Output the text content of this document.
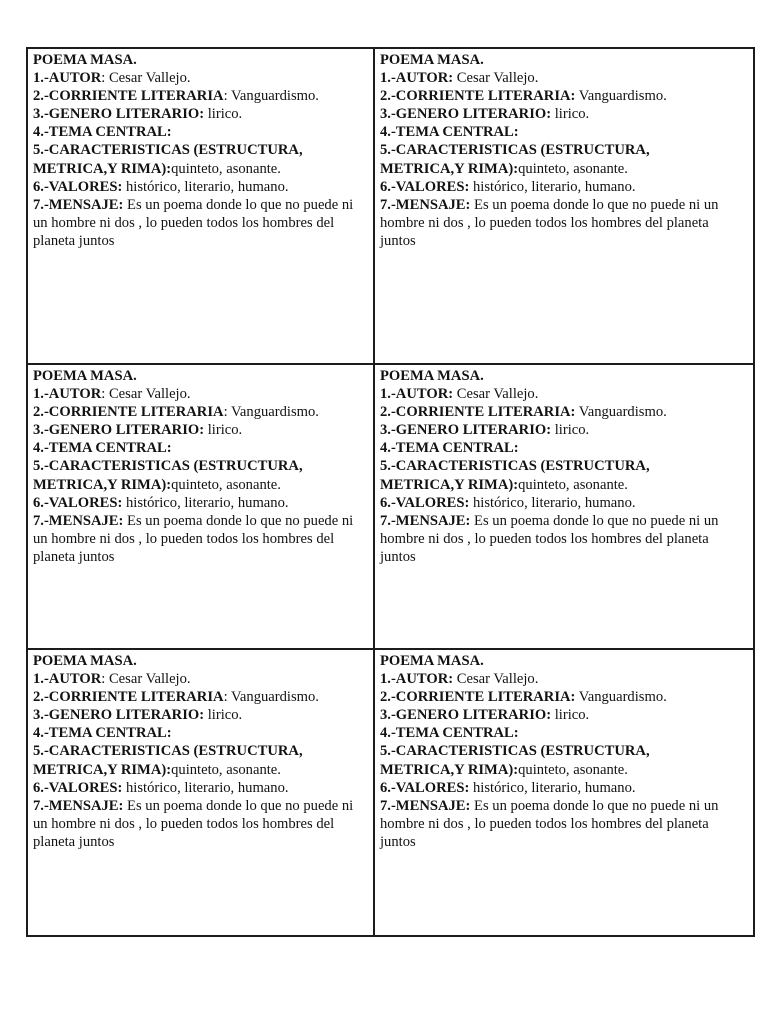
POEMA MASA.
1.-AUTOR: Cesar Vallejo.
2.-CORRIENTE LITERARIA: Vanguardismo.
3.-GENERO LITERARIO: lirico.
4.-TEMA CENTRAL:
5.-CARACTERISTICAS (ESTRUCTURA,
METRICA,Y RIMA):quinteto, asonante.
6.-VALORES: histórico, literario, humano.
7.-MENSAJE: Es un poema donde lo que no puede ni
un hombre ni dos , lo pueden todos los hombres del
planeta juntos

POEMA MASA.
1.-AUTOR: Cesar Vallejo.
2.-CORRIENTE LITERARIA: Vanguardismo.
3.-GENERO LITERARIO: lirico.
4.-TEMA CENTRAL:
5.-CARACTERISTICAS (ESTRUCTURA,
METRICA,Y RIMA):quinteto, asonante.
6.-VALORES: histórico, literario, humano.
7.-MENSAJE: Es un poema donde lo que no puede ni un
hombre ni dos , lo pueden todos los hombres del planeta
juntos

POEMA MASA.
1.-AUTOR: Cesar Vallejo.
2.-CORRIENTE LITERARIA: Vanguardismo.
3.-GENERO LITERARIO: lirico.
4.-TEMA CENTRAL:
5.-CARACTERISTICAS (ESTRUCTURA,
METRICA,Y RIMA):quinteto, asonante.
6.-VALORES: histórico, literario, humano.
7.-MENSAJE: Es un poema donde lo que no puede ni
un hombre ni dos , lo pueden todos los hombres del
planeta juntos

POEMA MASA.
1.-AUTOR: Cesar Vallejo.
2.-CORRIENTE LITERARIA: Vanguardismo.
3.-GENERO LITERARIO: lirico.
4.-TEMA CENTRAL:
5.-CARACTERISTICAS (ESTRUCTURA,
METRICA,Y RIMA):quinteto, asonante.
6.-VALORES: histórico, literario, humano.
7.-MENSAJE: Es un poema donde lo que no puede ni un
hombre ni dos , lo pueden todos los hombres del planeta
juntos

POEMA MASA.
1.-AUTOR: Cesar Vallejo.
2.-CORRIENTE LITERARIA: Vanguardismo.
3.-GENERO LITERARIO: lirico.
4.-TEMA CENTRAL:
5.-CARACTERISTICAS (ESTRUCTURA,
METRICA,Y RIMA):quinteto, asonante.
6.-VALORES: histórico, literario, humano.
7.-MENSAJE: Es un poema donde lo que no puede ni
un hombre ni dos , lo pueden todos los hombres del
planeta juntos

POEMA MASA.
1.-AUTOR: Cesar Vallejo.
2.-CORRIENTE LITERARIA: Vanguardismo.
3.-GENERO LITERARIO: lirico.
4.-TEMA CENTRAL:
5.-CARACTERISTICAS (ESTRUCTURA,
METRICA,Y RIMA):quinteto, asonante.
6.-VALORES: histórico, literario, humano.
7.-MENSAJE: Es un poema donde lo que no puede ni un
hombre ni dos , lo pueden todos los hombres del planeta
juntos
